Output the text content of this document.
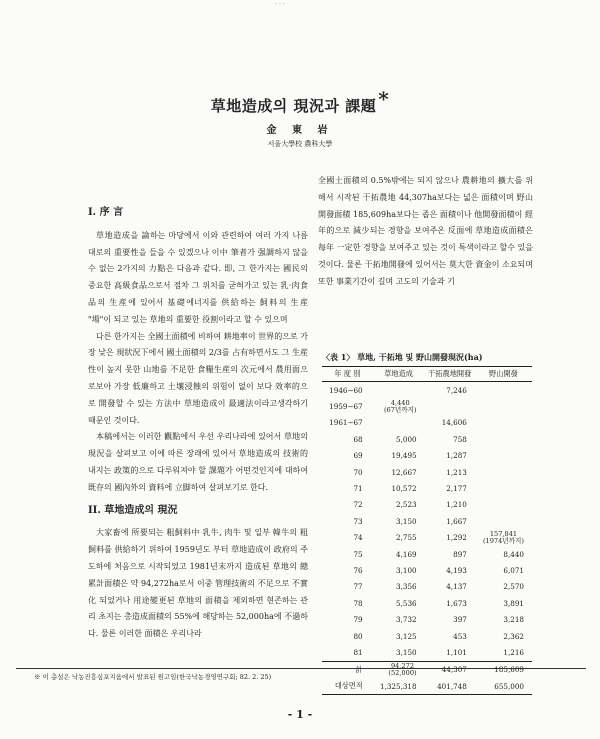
- - -
草地造成의 現況과 課題 *
金 東 岩
서울大學校 農科大學
I. 序 言

草地造成을 論하는 마당에서 이와 관련하여 여러 가지 나름대로의 重要性을 들을 수 있겠으나 이中 筆者가 强調하지 않을 수 없는 2가지의 力點은 다음과 같다. 即, 그 한가지는 國民의 중요한 高級食品으로서 점차 그 위치를 굳혀가고 있는 乳·肉食品의 生産에 있어서 基礎에너지를 供給하는 飼料의 生産 "場"이 되고 있는 草地의 重要한 役割이라고 할 수 있으며

다른 한가지는 全國土面積에 비하여 耕地率이 世界的으로 가장 낮은 現狀況下에서 國土面積의 2/3를 占有하면서도 그 生産性이 높지 못한 山地를 不足한 食糧生産의 次元에서 農用面으로보아 가장 低廉하고 土壤浸蝕의 위험이 없이 보다 效率的으로 開發할 수 있는 方法中 草地造成이 最適法이라고생각하기 때문인 것이다.

本稿에서는 이러한 觀點에서 우선 우리나라에 있어서 草地의 現況을 살펴보고 이에 따른 장래에 있어서 草地造成의 技術的내지는 政策的으로 다루워져야 할 課題가 어떤것인지에 대하여 既存의 國內外의 資料에 立脚하여 살펴보기로 한다.

II. 草地造成의 現況

大家畜에 所要되는 粗飼料中 乳牛, 肉牛 및 일부 韓牛의 粗飼料를 供給하기 위하여 1959년도 부터 草地造成이 政府의 주도하에 처음으로 시작되었고 1981년末까지 造成된 草地의 總 累計面積은 약 94,272ha로서 이중 管理技術의 不足으로 不實化 되었거나 用途變更된 草地의 面積을 제외하면 현존하는 관리 초지는 총造成面積의 55%에 해당하는 52,000ha에 不過하다. 물론 이러한 面積은 우리나라

全國土面積의 0.5%밖에는 되지 않으나 農耕地의 擴大를 위해서 시작된 干拓農地 44,307ha보다는 넓은 面積이며 野山開發面積 185,609ha보다는 좁은 面積이나 他開發面積이 經年的으로 減少되는 경향을 보여주온 反面에 草地造成面積은 每年 一定한 경향을 보여주고 있는 것이 특색이라고 할수 있을것이다. 물론 干拓地開發에 있어서는 莫大한 資金이 소요되며 또한 事業기간이 길며 고도의 기술과 기

〈表 1〉 草地, 干拓地 및 野山開發現況(ha)
年 度 別	草地造成	干拓農地開發	野山開發
1946∼60		7,246	
1959∼67	4,440
(67년까지)		

1961∼67		14,606	
68	5,000	758	
69	19,495	1,287	
70	12,667	1,213	
71	10,572	2,177	
72	2,523	1,210	
73	3,150	1,667	
74	2,755	1,292	157,841
(1974년까지)

75	4,169	897	8,440
76	3,100	4,193	6,071
77	3,356	4,137	2,570
78	5,536	1,673	3,891
79	3,732	397	3,218
80	3,125	453	2,362
81	3,150	1,101	1,216
計	94,272
(52,000)	44,307	185,609
대상면적	1,325,318	401,748	655,000
※ 이 총설은 낙농진흥심포지움에서 발표된 원고임(한국낙농경영연구회; 82. 2. 25)
- 1 -
